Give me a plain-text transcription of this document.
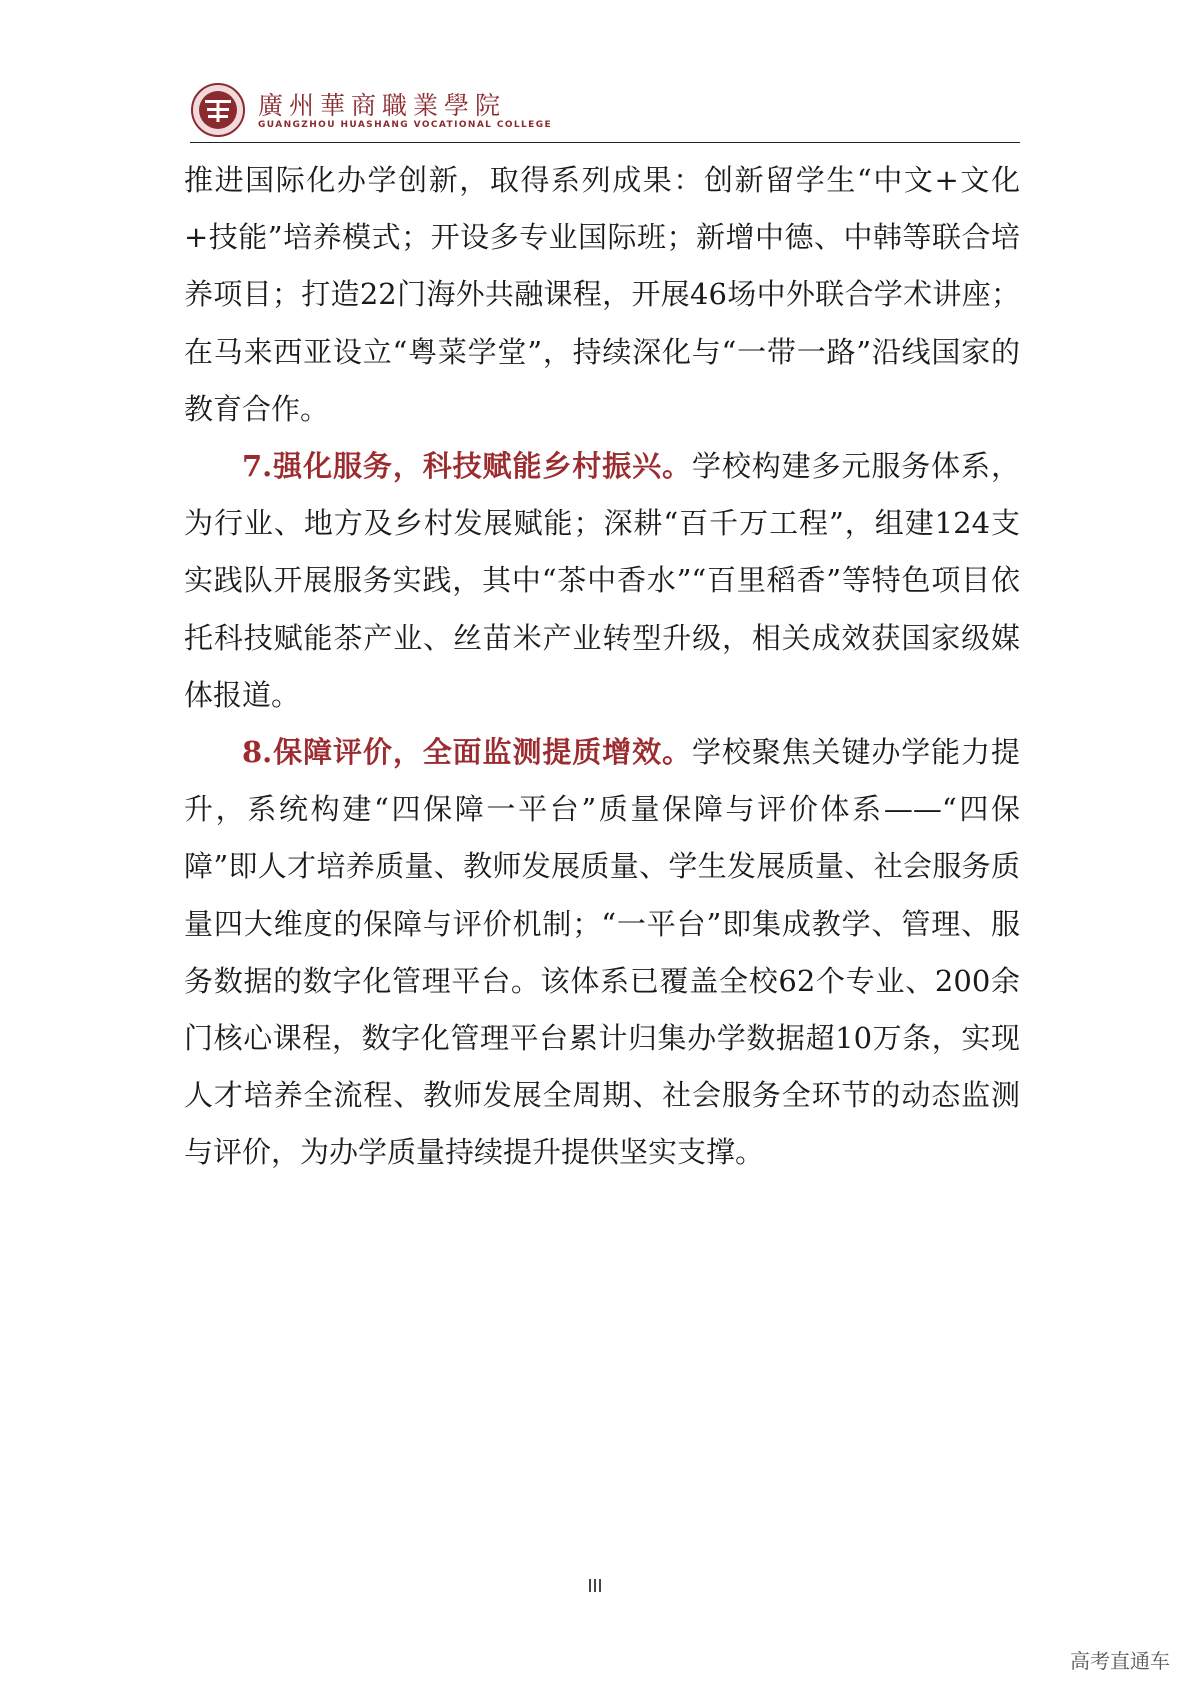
廣州華商職業學院
GUANGZHOU HUASHANG VOCATIONAL COLLEGE

推进国际化办学创新，取得系列成果：创新留学生“中文+文化+技能”培养模式；开设多专业国际班；新增中德、中韩等联合培养项目；打造22门海外共融课程，开展46场中外联合学术讲座；在马来西亚设立“粤菜学堂”，持续深化与“一带一路”沿线国家的教育合作。

7.强化服务，科技赋能乡村振兴。学校构建多元服务体系，为行业、地方及乡村发展赋能；深耕“百千万工程”，组建124支实践队开展服务实践，其中“茶中香水”“百里稻香”等特色项目依托科技赋能茶产业、丝苗米产业转型升级，相关成效获国家级媒体报道。

8.保障评价，全面监测提质增效。学校聚焦关键办学能力提升，系统构建“四保障一平台”质量保障与评价体系——“四保障”即人才培养质量、教师发展质量、学生发展质量、社会服务质量四大维度的保障与评价机制；“一平台”即集成教学、管理、服务数据的数字化管理平台。该体系已覆盖全校62个专业、200余门核心课程，数字化管理平台累计归集办学数据超10万条，实现人才培养全流程、教师发展全周期、社会服务全环节的动态监测与评价，为办学质量持续提升提供坚实支撑。

III
高考直通车
